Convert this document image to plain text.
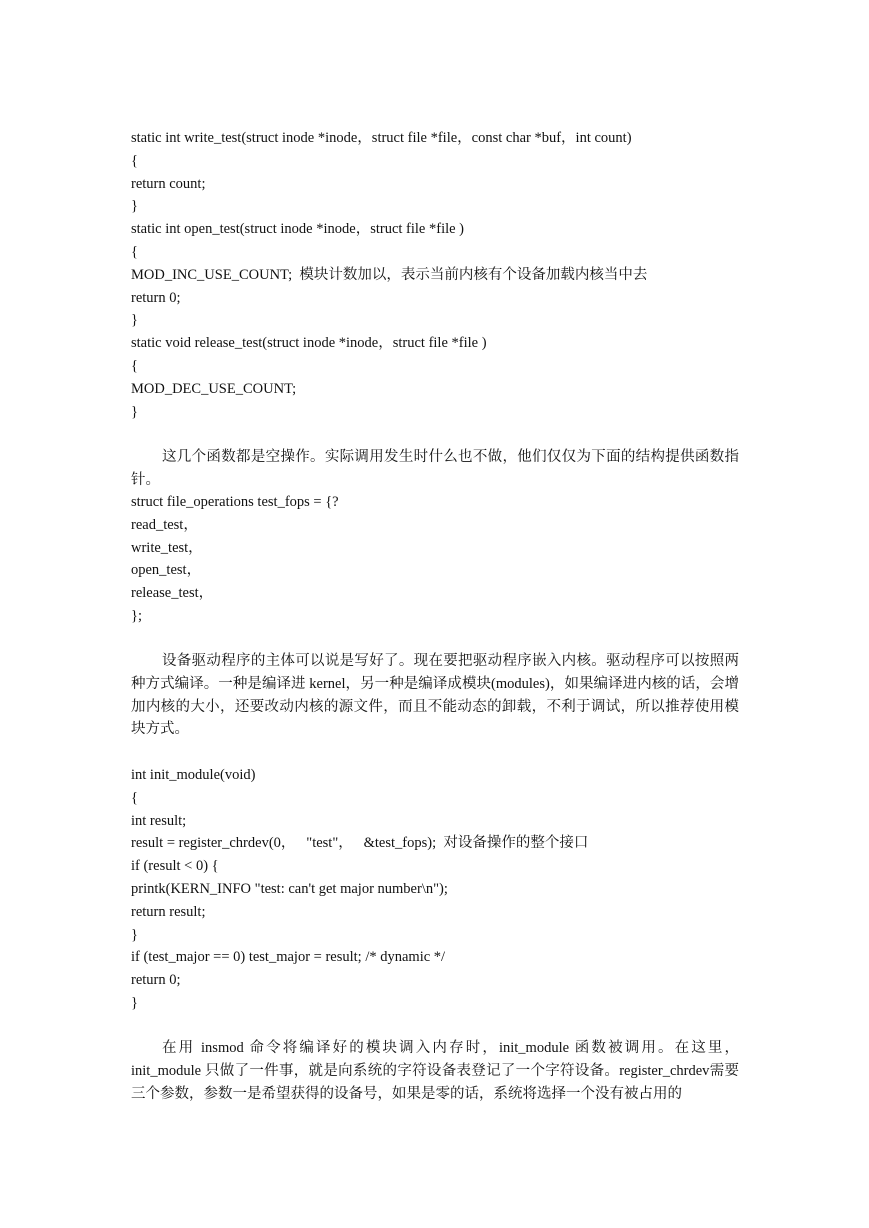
static int write_test(struct inode *inode，struct file *file，const char *buf，int count)
{
return count;
}
static int open_test(struct inode *inode，struct file *file )
{
MOD_INC_USE_COUNT;  模块计数加以，表示当前内核有个设备加载内核当中去
return 0;
}
static void release_test(struct inode *inode，struct file *file )
{
MOD_DEC_USE_COUNT;
}

这几个函数都是空操作。实际调用发生时什么也不做，他们仅仅为下面的结构提供函数指针。

struct file_operations test_fops = {?
read_test，
write_test，
open_test，
release_test，
};

设备驱动程序的主体可以说是写好了。现在要把驱动程序嵌入内核。驱动程序可以按照两种方式编译。一种是编译进 kernel，另一种是编译成模块(modules)，如果编译进内核的话，会增加内核的大小，还要改动内核的源文件，而且不能动态的卸载，不利于调试，所以推荐使用模块方式。

int init_module(void)
{
int result;
result = register_chrdev(0，   "test"，   &test_fops);  对设备操作的整个接口
if (result < 0) {
printk(KERN_INFO "test: can't get major number\n");
return result;
}
if (test_major == 0) test_major = result; /* dynamic */
return 0;
}

在用 insmod 命令将编译好的模块调入内存时，init_module 函数被调用。在这里，init_module 只做了一件事，就是向系统的字符设备表登记了一个字符设备。register_chrdev需要三个参数，参数一是希望获得的设备号，如果是零的话，系统将选择一个没有被占用的
